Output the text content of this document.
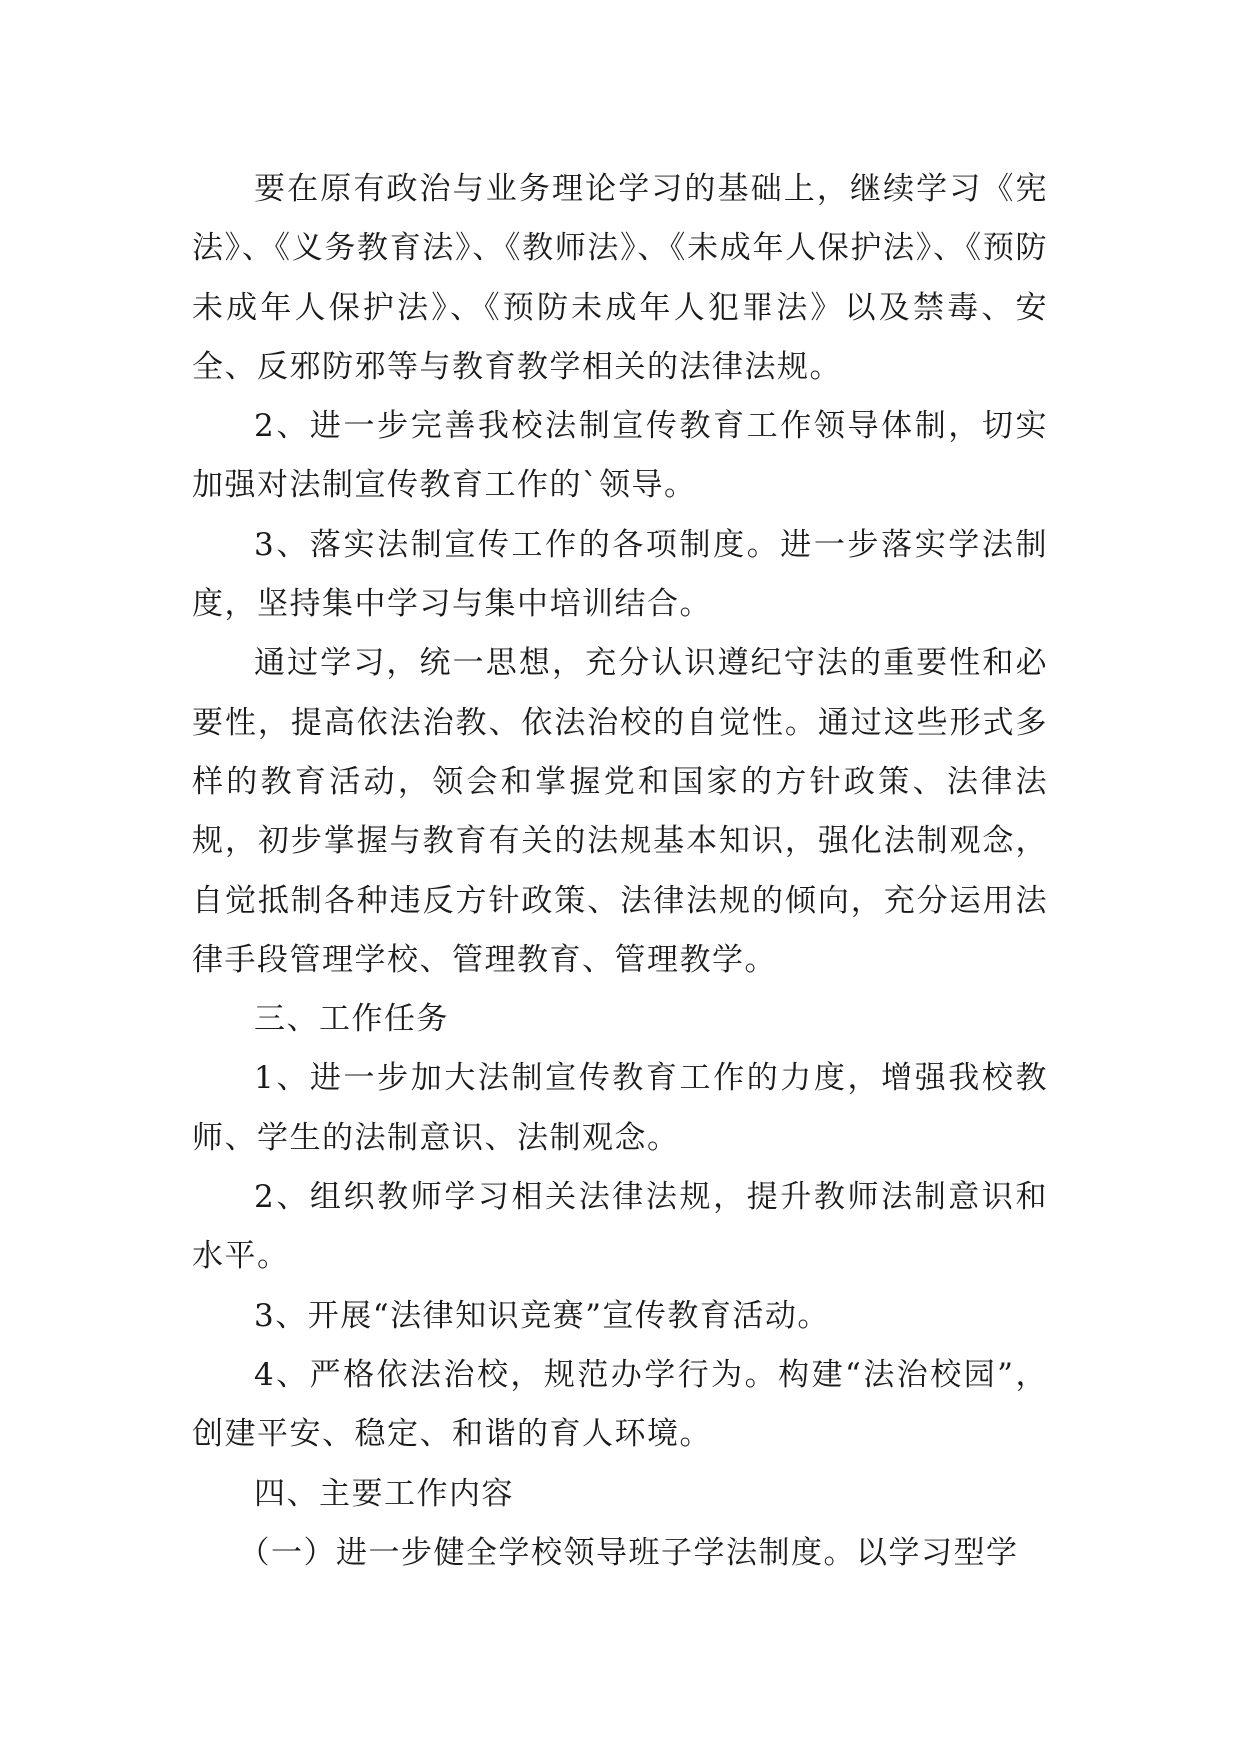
要在原有政治与业务理论学习的基础上，继续学习《宪法》、《义务教育法》、《教师法》、《未成年人保护法》、《预防未成年人保护法》、《预防未成年人犯罪法》以及禁毒、安全、反邪防邪等与教育教学相关的法律法规。

2、进一步完善我校法制宣传教育工作领导体制，切实加强对法制宣传教育工作的`领导。

3、落实法制宣传工作的各项制度。进一步落实学法制度，坚持集中学习与集中培训结合。

通过学习，统一思想，充分认识遵纪守法的重要性和必要性，提高依法治教、依法治校的自觉性。通过这些形式多样的教育活动，领会和掌握党和国家的方针政策、法律法规，初步掌握与教育有关的法规基本知识，强化法制观念，自觉抵制各种违反方针政策、法律法规的倾向，充分运用法律手段管理学校、管理教育、管理教学。

三、工作任务

1、进一步加大法制宣传教育工作的力度，增强我校教师、学生的法制意识、法制观念。

2、组织教师学习相关法律法规，提升教师法制意识和水平。

3、开展“法律知识竞赛”宣传教育活动。

4、严格依法治校，规范办学行为。构建“法治校园”，创建平安、稳定、和谐的育人环境。

四、主要工作内容

（一）进一步健全学校领导班子学法制度。以学习型学
